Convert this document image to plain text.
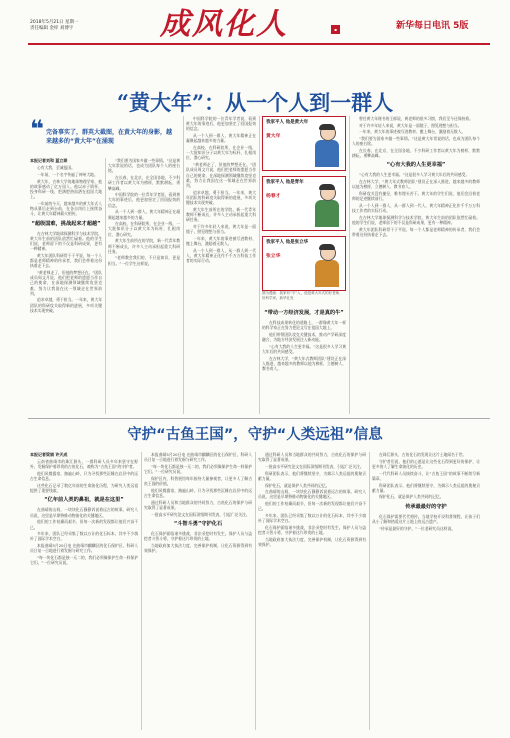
2018年5月21日 星期一
责任编辑 金梓 刘博宇	成风化人	▪	新华每日电讯 5版
“黄大年”：从一个人到一群人
❝ 完备事实了，群英大截图，在黄大年的身影，越来越多的“黄大年”在涌现
本报记者刘和 蓝立琛

心有大我，至诚报国。

一年前，一个名字传遍了神州大地。

黄大年，吉林大学的地球物理学家，他的故事感动了亿万国人。他以赤子情怀，投身科研一线，把满腔热血洒在祖国大地上。

一年前的今天，越来越多的黄大年式人物从幕后走到台前，在各自岗位上接续奋斗，让黄大年精神薪火相传。

“超级国难，挑战起来才超越”

在吉林大学地球探测科学与技术学院，黄大年生前的团队依然忙碌着。他的学生们说，老师留下的不仅是科研成果，更有一种精神。

黄大年团队科研骨干于平说，每一个人都是老师精神的传承者，我们会带着这份执着走下去。

“黄老师走了，但他的梦想还在。”团队成员周文月说，他们把老师的遗愿当作自己的使命，在深地探测领域继续攻坚克难，努力让我国在这一领域走在世界前列。

追求卓越，勇于担当。一年来，黄大年团队的科研攻关取得新的进展，多项关键技术实现突破。

“我们要为国家多做一些事情。”这是黄大年常说的话，也成为团队每个人的座右铭。

在长春，在北京，在全国各地，不少科研工作者以黄大年为榜样，默默耕耘，勇攀高峰。

中国科学院的一位青年学者说，看到黄大年的事迹后，他更加坚定了回国报效的信念。

从一个人到一群人，黄大年精神正在凝聚起越来越多的力量。

在高校，在科研院所，在企业一线，一大批知识分子以黄大年为标杆，扎根岗位，潜心研究。

黄大年生前所在的学院，新一代青年教师不断成长，许多人主动承担起重大科研任务。

“老师教会我们的，不只是知识，更是担当。”一位学生这样说。

中国科学院的一位青年学者说，看到黄大年的事迹后，他更加坚定了回国报效的信念。

从一个人到一群人，黄大年精神正在凝聚起越来越多的力量。

在高校，在科研院所，在企业一线，一大批知识分子以黄大年为标杆，扎根岗位，潜心研究。

“黄老师走了，但他的梦想还在。”团队成员周文月说，他们把老师的遗愿当作自己的使命，在深地探测领域继续攻坚克难，努力让我国在这一领域走在世界前列。

追求卓越，勇于担当。一年来，黄大年团队的科研攻关取得新的进展，多项关键技术实现突破。

黄大年生前所在的学院，新一代青年教师不断成长，许多人主动承担起重大科研任务。

对于许多年轻人来说，黄大年是一面镜子，照见理想与担当。

一年来，黄大年的事迹被写进教材、搬上舞台，激励着无数人。

从一个人到一群人，从一群人到一代人，黄大年精神正化作千千万万科技工作者的实际行动。

我家平人 他是黄大年
黄大年
我家平人 他是青年
杨春才
我家平人 他是张立华
张立华
图为漫画：我家有“平”人，他是黄大年式的好老师、好科学家。新华社发

曾任黄大年秘书的王郁说，黄老师的很多习惯，我们至今还保持着。

对于许多年轻人来说，黄大年是一面镜子，照见理想与担当。

一年来，黄大年的事迹被写进教材、搬上舞台，激励着无数人。

“我们要为国家多做一些事情。”这是黄大年常说的话，也成为团队每个人的座右铭。

在长春，在北京，在全国各地，不少科研工作者以黄大年为榜样，默默耕耘，勇攀高峰。

“心有大我的人生更幸福”

“心有大我的人生更幸福。”这是很多人学习黄大年后的共同感受。

在吉林大学，“黄大年式教师团队”建设正在深入推进，越来越多的教师以他为榜样，立德树人、教书育人。

科研攻关没有捷径，唯有埋头苦干。黄大年的学生们说，他们会沿着老师的足迹继续前行。

从一个人到一群人，从一群人到一代人，黄大年精神正化作千千万万科技工作者的实际行动。

在吉林大学地球探测科学与技术学院，黄大年生前的团队依然忙碌着。他的学生们说，老师留下的不仅是科研成果，更有一种精神。

黄大年团队科研骨干于平说，每一个人都是老师精神的传承者，我们会带着这份执着走下去。

“带动一方经济发展，才是真的牛”

在科技成果转化的道路上，一群像黄大年一样的科学家正在努力把论文写在祖国大地上。

他们带领团队攻克关键技术，推动产学研深度融合，为地方经济发展注入新动能。

“心有大我的人生更幸福。”这是很多人学习黄大年后的共同感受。

在吉林大学，“黄大年式教师团队”建设正在深入推进，越来越多的教师以他为榜样，立德树人、教书育人。

守护“古鱼王国”，守护“人类远祖”信息
本报记者梁娟 许天成

云南省曲靖市的珠江源头，一群科研人员多年来坚守在野外，发掘保护着珍贵的古鱼化石，被称为“古鱼王国”的守护者。

他们风餐露宿，踏遍山岭，只为寻找那些沉睡在岩层中的远古生命信息。

这些化石记录了数亿年前的生命演化历程，为研究人类远祖提供了重要线索。

“亿年前人类的鼻祖，就是在这里”

在曲靖的山间，一块块化石静静诉说着远古的故事。研究人员说，这里是早期脊椎动物演化的关键地区。

他们的工作枯燥而艰辛，但每一次新的发现都让他们兴奋不已。

多年来，团队已经采集了数以万计的化石标本，其中不少填补了国际学术空白。

本报曲靖5月20日电 在曲靖市麒麟区的化石保护区，科研人员日复一日地进行着发掘与研究工作。

“每一块化石都是独一无二的，我们必须像保护生命一样保护它们。”一位研究员说。

本报曲靖5月20日电 在曲靖市麒麟区的化石保护区，科研人员日复一日地进行着发掘与研究工作。

“每一块化石都是独一无二的，我们必须像保护生命一样保护它们。”一位研究员说。

保护区内，科普展馆每年接待大量参观者，让更多人了解古鱼王国的价值。

他们风餐露宿，踏遍山岭，只为寻找那些沉睡在岩层中的远古生命信息。

通过科研人员和当地群众的共同努力，古鱼化石的保护与研究取得了显著成果。

一批高水平研究论文在国际顶级期刊发表，引起广泛关注。

“斗智斗勇”守护化石

化石保护面临诸多挑战，非法采挖时有发生。保护人员与盗挖者斗智斗勇，守护着这片珍贵的土地。

当地政府加大执法力度，完善保护机制，让化石资源得到有效保护。

通过科研人员和当地群众的共同努力，古鱼化石的保护与研究取得了显著成果。

一批高水平研究论文在国际顶级期刊发表，引起广泛关注。

科研团队表示，他们将继续坚守，为揭示人类远祖的奥秘贡献力量。

保护化石，就是保护人类共同的记忆。

在曲靖的山间，一块块化石静静诉说着远古的故事。研究人员说，这里是早期脊椎动物演化的关键地区。

他们的工作枯燥而艰辛，但每一次新的发现都让他们兴奋不已。

多年来，团队已经采集了数以万计的化石标本，其中不少填补了国际学术空白。

化石保护面临诸多挑战，非法采挖时有发生。保护人员与盗挖者斗智斗勇，守护着这片珍贵的土地。

当地政府加大执法力度，完善保护机制，让化石资源得到有效保护。

在珠江源头，古鱼化石的发现让这片土地闻名于世。

守护者们说，他们的心愿是让这些化石得到更好的保护，让更多的人了解生命演化的历史。

一代代科研人员接续奋斗，让“古鱼王国”的故事不断续写新篇章。

科研团队表示，他们将继续坚守，为揭示人类远祖的奥秘贡献力量。

保护化石，就是保护人类共同的记忆。

传承最最好的守护

化石保护需要代代相传。当地学校开设科普课程，让孩子们从小了解和热爱这片土地上的远古遗产。

“传承是最好的守护。”一位老研究员这样说。
